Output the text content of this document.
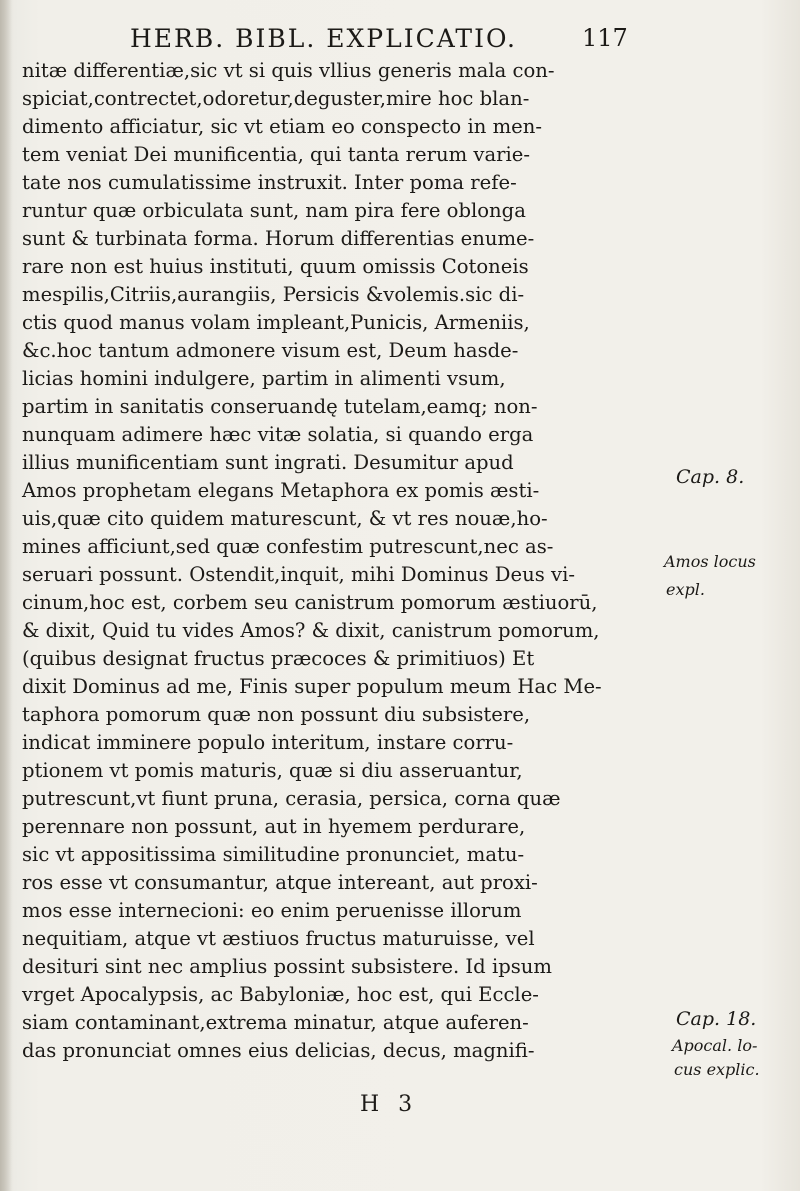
HERB. BIBL. EXPLICATIO.	117
nitæ differentiæ,sic vt si quis vllius generis mala con-
spiciat,contrectet,odoretur,deguster,mire hoc blan-
dimento afficiatur, sic vt etiam eo conspecto in men-
tem veniat Dei munificentia, qui tanta rerum varie-
tate nos cumulatissime instruxit. Inter poma refe-
runtur quæ orbiculata sunt, nam pira fere oblonga
sunt & turbinata forma. Horum differentias enume-
rare non est huius instituti, quum omissis Cotoneis
mespilis,Citriis,aurangiis, Persicis &volemis.sic di-
ctis quod manus volam impleant,Punicis, Armeniis,
&c.hoc tantum admonere visum est, Deum hasde-
licias homini indulgere, partim in alimenti vsum,
partim in sanitatis conseruandę tutelam,eamq; non-
nunquam adimere hæc vitæ solatia, si quando erga
illius munificentiam sunt ingrati. Desumitur apud
Amos prophetam elegans Metaphora ex pomis æsti-
uis,quæ cito quidem maturescunt, & vt res nouæ,ho-
mines afficiunt,sed quæ confestim putrescunt,nec as-
seruari possunt. Ostendit,inquit, mihi Dominus Deus vi-
cinum,hoc est, corbem seu canistrum pomorum æstiuorū,
& dixit, Quid tu vides Amos? & dixit, canistrum pomorum,
(quibus designat fructus præcoces & primitiuos) Et
dixit Dominus ad me, Finis super populum meum Hac Me-
taphora pomorum quæ non possunt diu subsistere,
indicat imminere populo interitum, instare corru-
ptionem vt pomis maturis, quæ si diu asseruantur,
putrescunt,vt fiunt pruna, cerasia, persica, corna quæ
perennare non possunt, aut in hyemem perdurare,
sic vt appositissima similitudine pronunciet, matu-
ros esse vt consumantur, atque intereant, aut proxi-
mos esse internecioni: eo enim peruenisse illorum
nequitiam, atque vt æstiuos fructus maturuisse, vel
desituri sint nec amplius possint subsistere. Id ipsum
vrget Apocalypsis, ac Babyloniæ, hoc est, qui Eccle-
siam contaminant,extrema minatur, atque auferen-
das pronunciat omnes eius delicias, decus, magnifi-
Cap. 8.
Amos locus
expl.
Cap. 18.
Apocal. lo-
cus explic.
H 3
